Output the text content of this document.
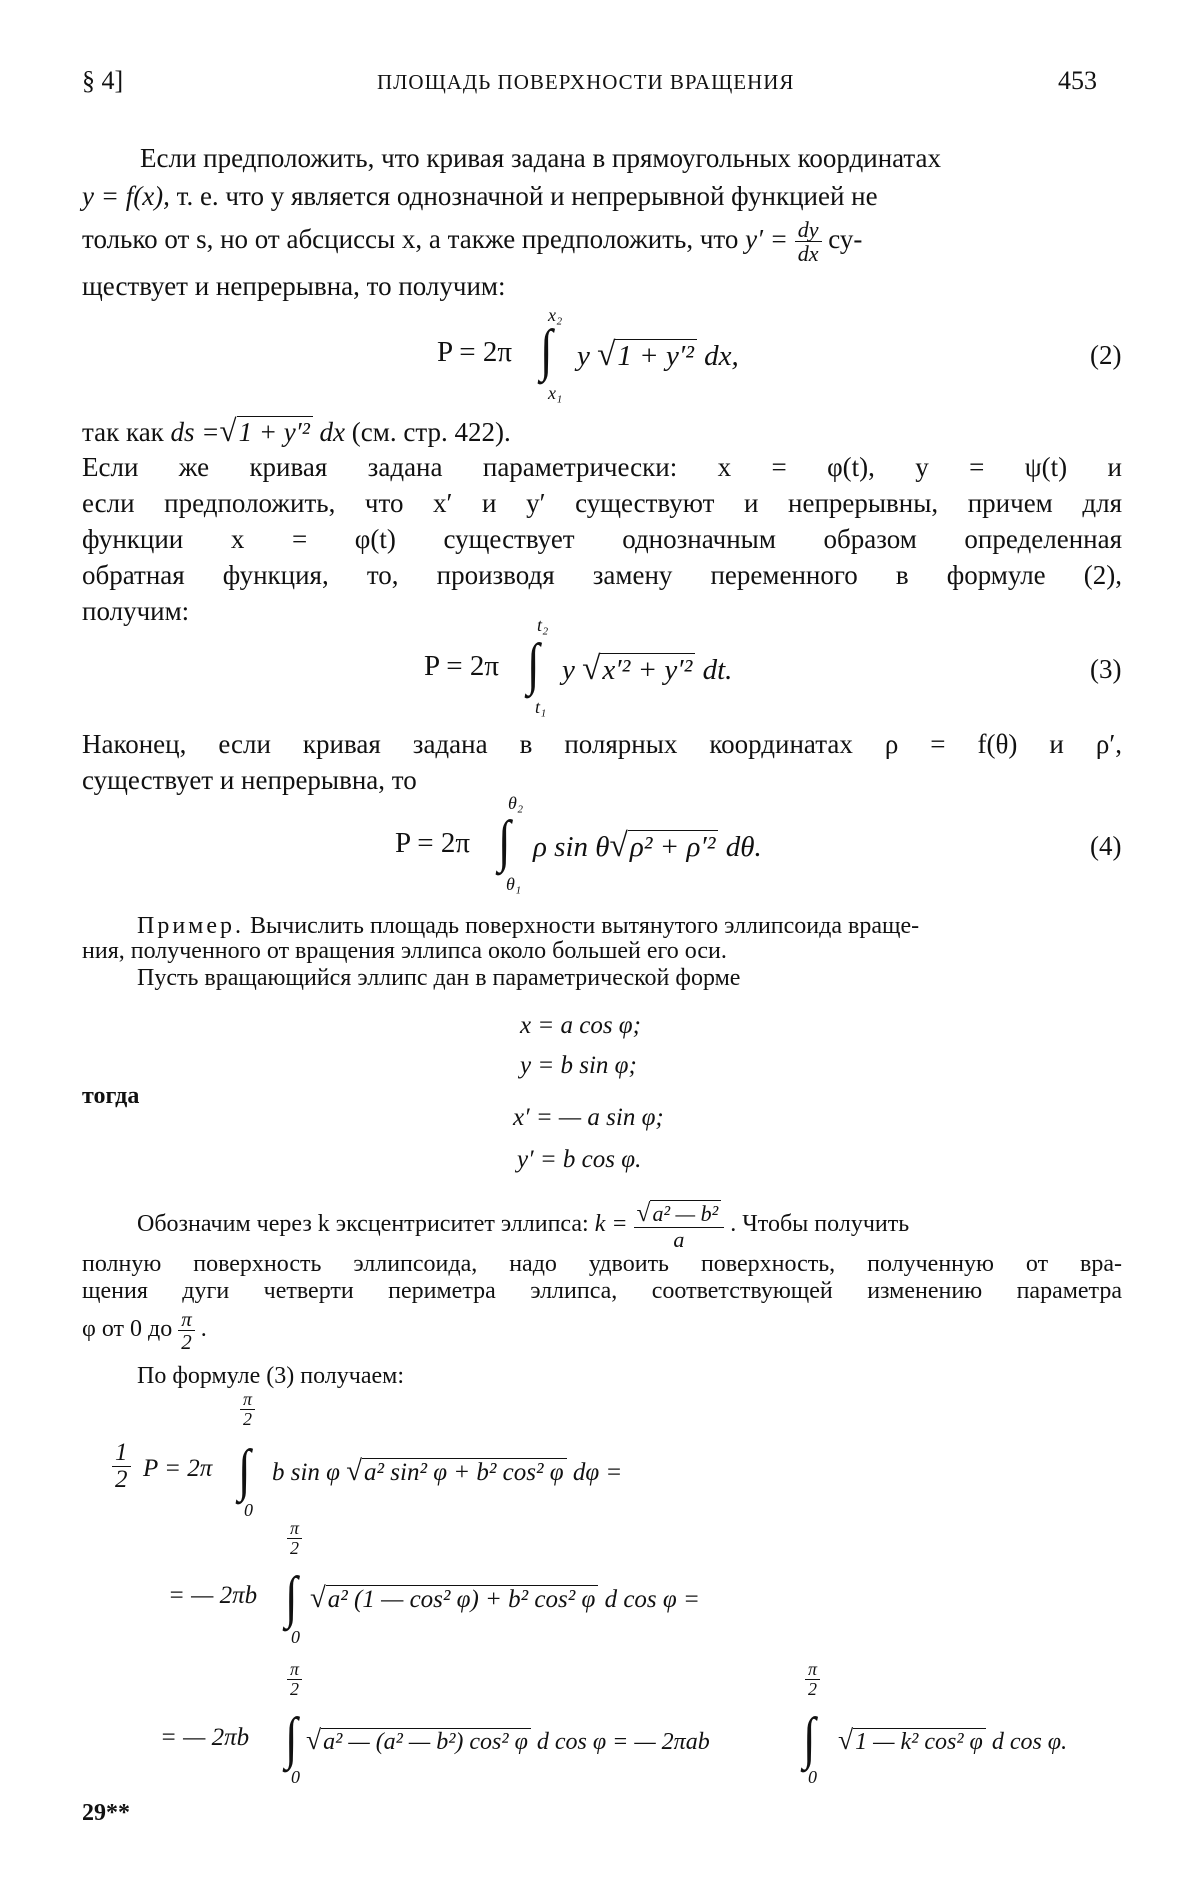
§ 4]	ПЛОЩАДЬ ПОВЕРХНОСТИ ВРАЩЕНИЯ	453
Если предположить, что кривая задана в прямоугольных координатах
y = f(x), т. е. что y является однозначной и непрерывной функцией не
только от s, но от абсциссы x, а также предположить, что $y' = \frac{dy}{dx} су-$
ществует и непрерывна, то получим:
P = 2π
x₂
∫
x₁
y √1 + y′² dx,	(2)
так как ds =√1 + y′² dx (см. стр. 422).
Если же кривая задана параметрически: x = φ(t), y = ψ(t) и
если предположить, что x′ и y′ существуют и непрерывны, причем для
функции x = φ(t) существует однозначным образом определенная
обратная функция, то, производя замену переменного в формуле (2),
получим:
P = 2π
t₂
∫
t₁
y √x′² + y′² dt.	(3)
Наконец, если кривая задана в полярных координатах ρ = f(θ) и ρ′,
существует и непрерывна, то
P = 2π
θ₂
∫
θ₁
ρ sin θ√ρ² + ρ′² dθ.	(4)
Пример. Вычислить площадь поверхности вытянутого эллипсоида враще-
ния, полученного от вращения эллипса около большей его оси.
Пусть вращающийся эллипс дан в параметрической форме
x = a cos φ;
y = b sin φ;
тогда
x′ = — a sin φ;
y′ = b cos φ.
Обозначим через k эксцентриситет эллипса: $k = \frac{\text{√a² — b²}}{a}$ . Чтобы получить
полную поверхность эллипсоида, надо удвоить поверхность, полученную от вра-
щения дуги четверти периметра эллипса, соответствующей изменению параметра
φ от 0 до $\frac{\pi}{2}$ .
По формуле (3) получаем:
$\frac{1}{2}$ P = 2π
$\frac{\pi}{2}$
∫
0
b sin φ √a² sin² φ + b² cos² φ dφ =
= — 2πb
$\frac{\pi}{2}$
∫
0
√a² (1 — cos² φ) + b² cos² φ d cos φ =
= — 2πb
$\frac{\pi}{2}$
∫
0
√a² — (a² — b²) cos² φ d cos φ = — 2πab
$\frac{\pi}{2}$
∫
0
√1 — k² cos² φ d cos φ.
29**
